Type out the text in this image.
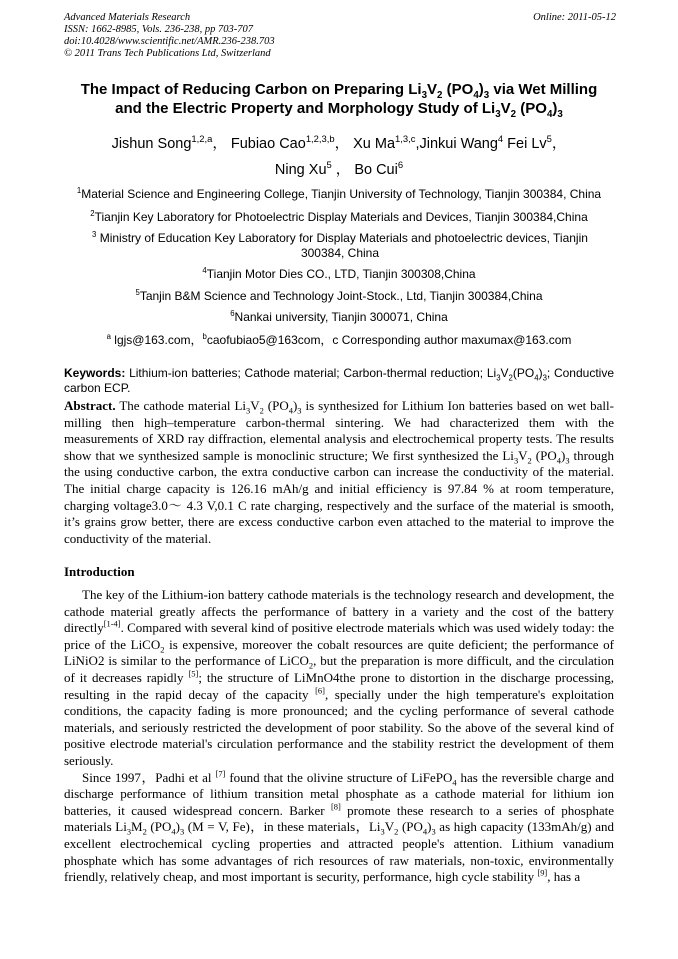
Advanced Materials Research
ISSN: 1662-8985, Vols. 236-238, pp 703-707
doi:10.4028/www.scientific.net/AMR.236-238.703
© 2011 Trans Tech Publications Ltd, Switzerland
Online: 2011-05-12
The Impact of Reducing Carbon on Preparing $Li_3V_2$ $(PO_4)_3$ via Wet Milling
and the Electric Property and Morphology Study of $Li_3V_2$ $(PO_4)_3$
Jishun Song$^{1,2,a}$， Fubiao Cao$^{1,2,3,b}$， Xu Ma$^{1,3,c}$,Jinkui Wang$^4$ Fei Lv$^5$，
Ning Xu$^5$ ， Bo Cui$^6$
$^1$Material Science and Engineering College, Tianjin University of Technology, Tianjin 300384, China
$^2$Tianjin Key Laboratory for Photoelectric Display Materials and Devices, Tianjin 300384,China
$^3$ Ministry of Education Key Laboratory for Display Materials and photoelectric devices, Tianjin 300384, China
$^4$Tianjin Motor Dies CO., LTD, Tianjin 300308,China
$^5$Tanjin B&M Science and Technology Joint-Stock., Ltd, Tianjin 300384,China
$^6$Nankai university, Tianjin 300071, China
$^a$ lgjs@163.com，$^b$caofubiao5@163com，c Corresponding author maxumax@163.com
Keywords: Lithium-ion batteries; Cathode material; Carbon-thermal reduction; $Li_3V_2(PO_4)_3$; Conductive carbon ECP.
Abstract. The cathode material $Li_3V_2$ $(PO_4)_3$ is synthesized for Lithium Ion batteries based on wet ball-milling then high–temperature carbon-thermal sintering. We had characterized them with the measurements of XRD ray diffraction, elemental analysis and electrochemical property tests. The results show that we synthesized sample is monoclinic structure; We first synthesized the $Li_3V_2$ $(PO_4)_3$ through the using conductive carbon, the extra conductive carbon can increase the conductivity of the material. The initial charge capacity is 126.16 mAh/g and initial efficiency is 97.84 % at room temperature, charging voltage3.0～ 4.3 V,0.1 C rate charging, respectively and the surface of the material is smooth, it’s grains grow better, there are excess conductive carbon even attached to the material to improve the conductivity of the material.
Introduction

The key of the Lithium-ion battery cathode materials is the technology research and development, the cathode material greatly affects the performance of battery in a variety and the cost of the battery directly[1-4]. Compared with several kind of positive electrode materials which was used widely today: the price of the LiCO$_2$ is expensive, moreover the cobalt resources are quite deficient; the performance of LiNiO2 is similar to the performance of LiCO$_2$, but the preparation is more difficult, and the circulation of it decreases rapidly [5]; the structure of LiMnO4the prone to distortion in the discharge processing, resulting in the rapid decay of the capacity [6], specially under the high temperature's exploitation conditions, the capacity fading is more pronounced; and the cycling performance of several cathode materials, and seriously restricted the development of poor stability. So the above of the several kind of positive electrode material's circulation performance and the stability restrict the development of them seriously.

Since 1997，Padhi et al [7] found that the olivine structure of LiFePO$_4$ has the reversible charge and discharge performance of lithium transition metal phosphate as a cathode material for lithium ion batteries, it caused widespread concern. Barker [8] promote these research to a series of phosphate materials $Li_3M_2$ $(PO_4)_3$ (M = V, Fe)，in these materials，$Li_3V_2$ $(PO_4)_3$ as high capacity (133mAh/g) and excellent electrochemical cycling properties and attracted people's attention. Lithium vanadium phosphate which has some advantages of rich resources of raw materials, non-toxic, environmentally friendly, relatively cheap, and most important is security, performance, high cycle stability [9], has a
